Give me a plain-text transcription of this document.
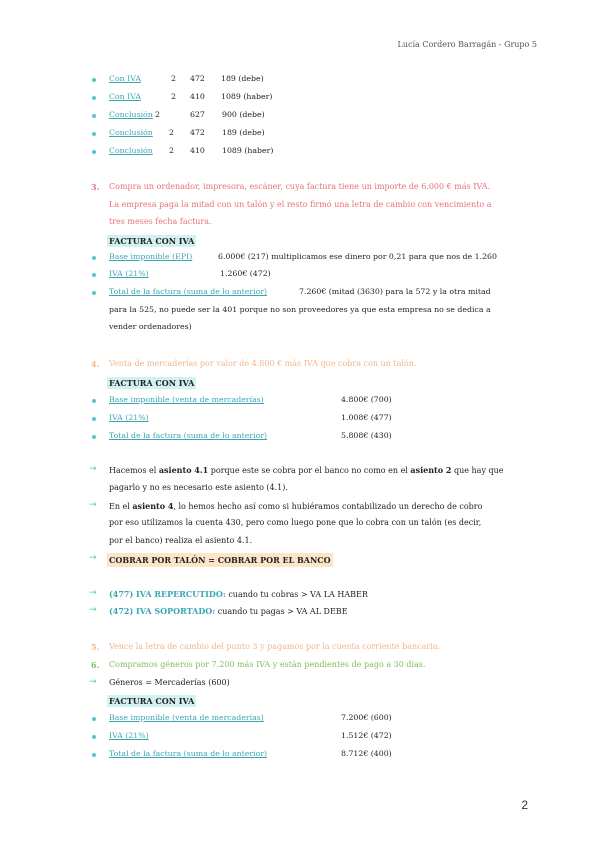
Lucía Cordero Barragán - Grupo 5
Con IVA	2 472 189 (debe)
Con IVA	2 410 1089 (haber)
Conclusión 2	627 900 (debe)
Conclusión 2 472 189 (debe)
Conclusión 2 410 1089 (haber)
3. Compra un ordenador, impresora, escáner, cuya factura tiene un importe de 6.000 € más IVA.
La empresa paga la mitad con un talón y el resto firmó una letra de cambio con vencimiento a
tres meses fecha factura.
FACTURA CON IVA
Base imponible (EPI)	6.000€ (217) multiplicamos ese dinero por 0,21 para que nos de 1.260
IVA (21%)	1.260€ (472)
Total de la factura (suma de lo anterior)	7.260€ (mitad (3630) para la 572 y la otra mitad
para la 525, no puede ser la 401 porque no son proveedores ya que esta empresa no se dedica a
vender ordenadores)
4. Venta de mercaderías por valor de 4.800 € más IVA que cobra con un talón.
FACTURA CON IVA
Base imponible (venta de mercaderías)	4.800€ (700)
IVA (21%)	1.008€ (477)
Total de la factura (suma de lo anterior)	5.808€ (430)
→ Hacemos el asiento 4.1 porque este se cobra por el banco no como en el asiento 2 que hay que
pagarlo y no es necesario este asiento (4.1).
→ En el asiento 4, lo hemos hecho así como si hubiéramos contabilizado un derecho de cobro
por eso utilizamos la cuenta 430, pero como luego pone que lo cobra con un talón (es decir,
por el banco) realiza el asiento 4.1.
→ COBRAR POR TALÓN = COBRAR POR EL BANCO
→ (477) IVA REPERCUTIDO: cuando tu cobras > VA LA HABER
→ (472) IVA SOPORTADO: cuando tu pagas > VA AL DEBE
5. Vence la letra de cambio del punto 3 y pagamos por la cuenta corriente bancaria.
6. Compramos géneros por 7.200 más IVA y están pendientes de pago a 30 días.
→ Géneros = Mercaderías (600)
FACTURA CON IVA
Base imponible (venta de mercaderías)	7.200€ (600)
IVA (21%)	1.512€ (472)
Total de la factura (suma de lo anterior)	8.712€ (400)
2
